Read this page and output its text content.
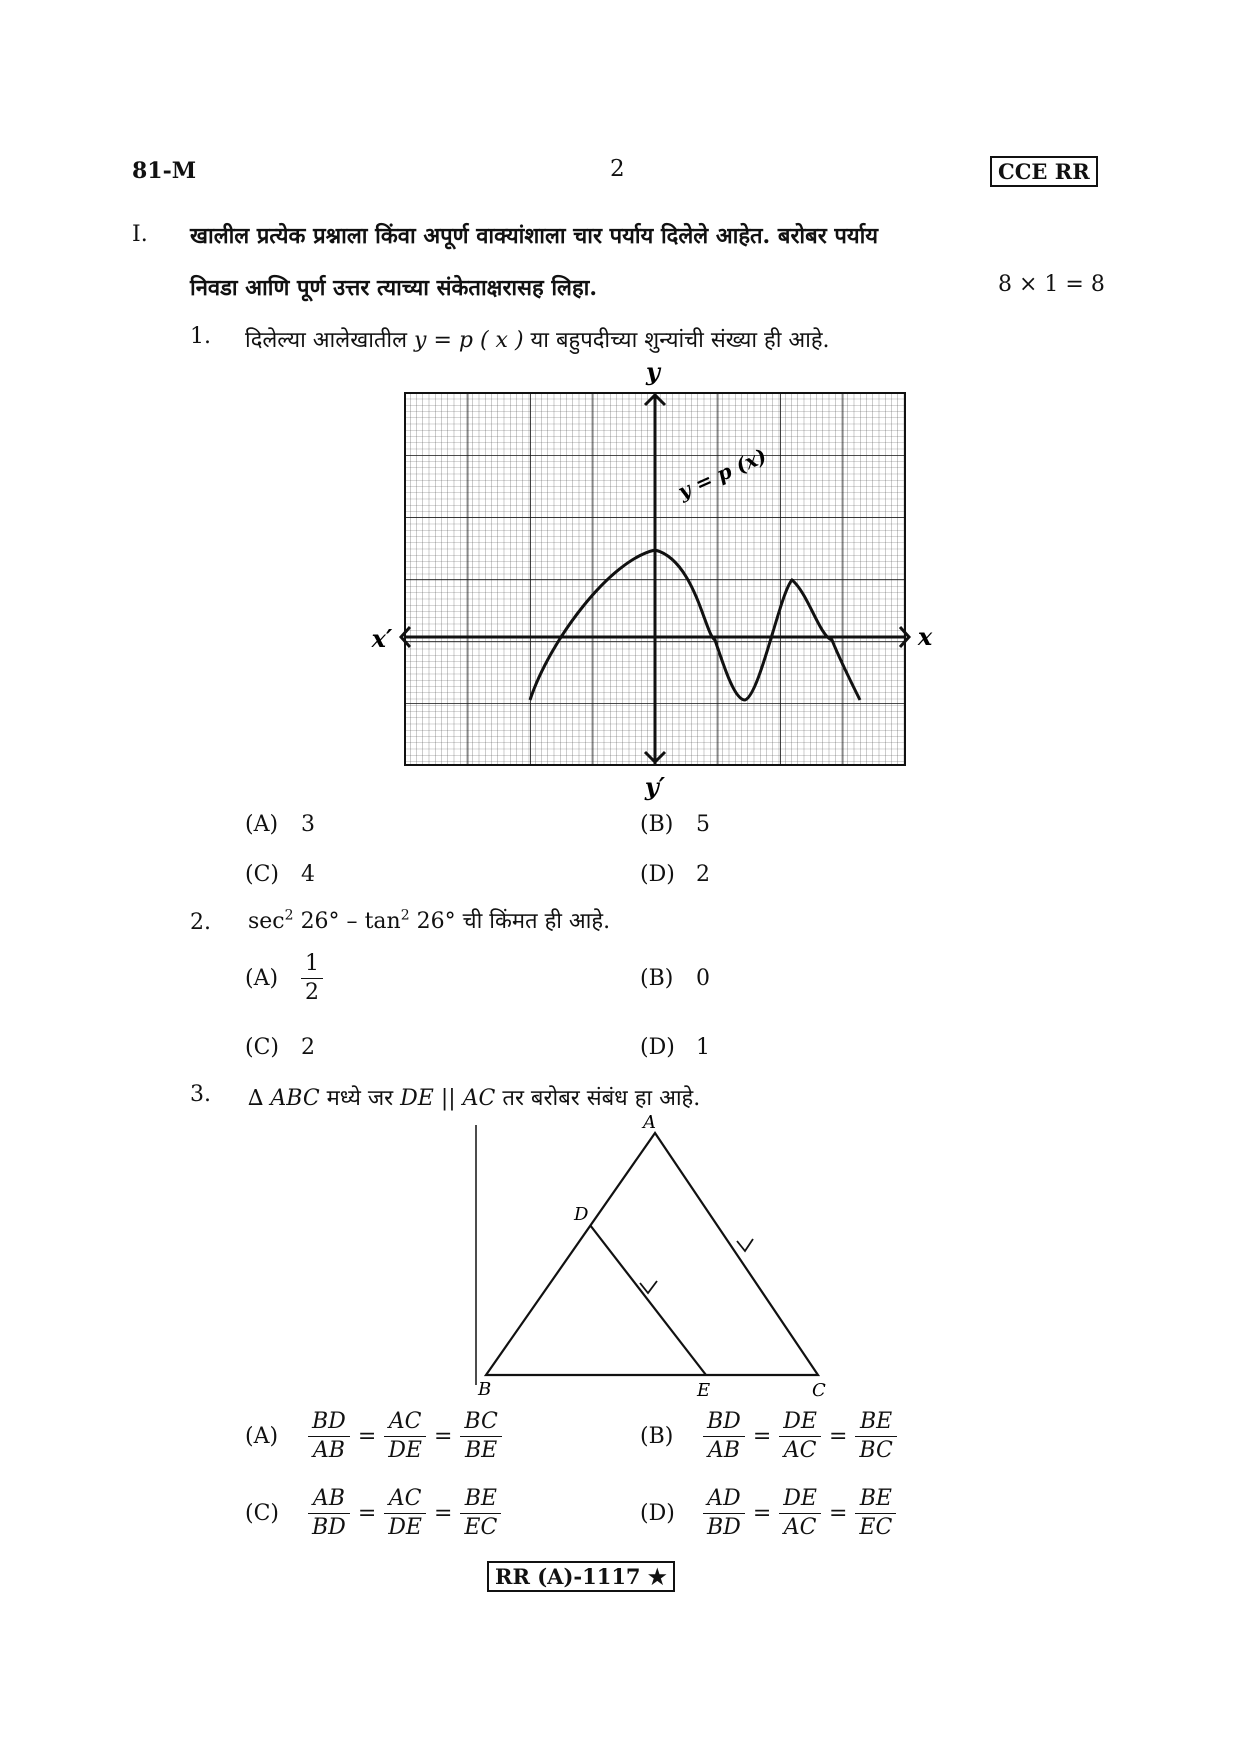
81-M	2	CCE RR
I. खालील प्रत्येक प्रश्नाला किंवा अपूर्ण वाक्यांशाला चार पर्याय दिलेले आहेत. बरोबर पर्याय
निवडा आणि पूर्ण उत्तर त्याच्या संकेताक्षरासह लिहा.	8 × 1 = 8
1. दिलेल्या आलेखातील y = p ( x ) या बहुपदीच्या शुन्यांची संख्या ही आहे.
y
y′
x
x′
y = p (x)
(A) 3	(B) 5
(C) 4	(D) 2
2. $\sec^2 26^\circ - \tan^2 26^\circ$ ची किंमत ही आहे.
$(A) \frac{1}{2}$	(B) 0
(C) 2	(D) 1
3. ∆ ABC मध्ये जर DE || AC तर बरोबर संबंध हा आहे.
A
B	C
D
E
$(A) \frac{BD}{AB} = \frac{AC}{DE} = \frac{BC}{BE}$	$(B) \frac{BD}{AB} = \frac{DE}{AC} = \frac{BE}{BC}$
$(C) \frac{AB}{BD} = \frac{AC}{DE} = \frac{BE}{EC}$	$(D) \frac{AD}{BD} = \frac{DE}{AC} = \frac{BE}{EC}$
RR (A)-1117 ★
